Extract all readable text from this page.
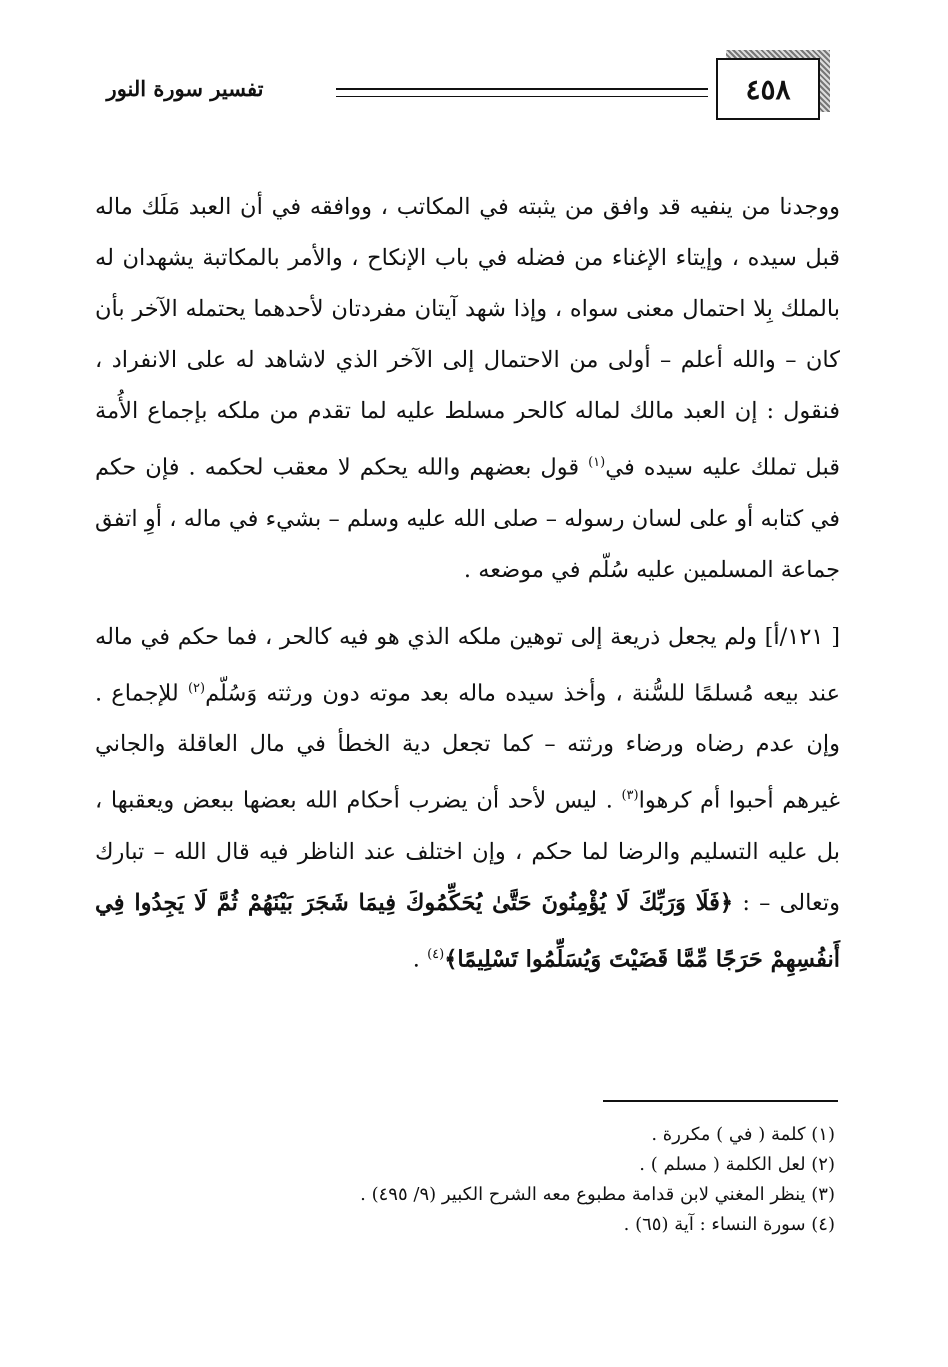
٤٥٨
تفسير سورة النور

ووجدنا من ينفيه قد وافق من يثبته في المكاتب ، ووافقه في أن العبد مَلَك ماله قبل سيده ، وإيتاء الإغناء من فضله في باب الإنكاح ، والأمر بالمكاتبة يشهدان له بالملك بِلا احتمال معنى سواه ، وإذا شهد آيتان مفردتان لأحدهما يحتمله الآخر بأن كان – والله أعلم – أولى من الاحتمال إلى الآخر الذي لاشاهد له على الانفراد ، فنقول : إن العبد مالك لماله كالحر مسلط عليه لما تقدم من ملكه بإجماع الأُمة قبل تملك عليه سيده في$^{(١)}$ قول بعضهم والله يحكم لا معقب لحكمه . فإن حكم في كتابه أو على لسان رسوله – صلى الله عليه وسلم – بشيء في ماله ، أوِ اتفق جماعة المسلمين عليه سُلّم في موضعه .

[ ١٢١/أ] ولم يجعل ذريعة إلى توهين ملكه الذي هو فيه كالحر ، فما حكم في ماله عند بيعه مُسلمًا للسُّنة ، وأخذ سيده ماله بعد موته دون ورثته وَسُلّم$^{(٢)}$ للإجماع . وإن عدم رضاه ورضاء ورثته – كما تجعل دية الخطأ في مال العاقلة والجاني غيرهم أحبوا أم كرهوا$^{(٣)}$ . ليس لأحد أن يضرب أحكام الله بعضها ببعض ويعقبها ، بل عليه التسليم والرضا لما حكم ، وإن اختلف عند الناظر فيه قال الله – تبارك وتعالى – : ﴿فَلَا وَرَبِّكَ لَا يُؤْمِنُونَ حَتَّىٰ يُحَكِّمُوكَ فِيمَا شَجَرَ بَيْنَهُمْ ثُمَّ لَا يَجِدُوا فِي أَنفُسِهِمْ حَرَجًا مِّمَّا قَضَيْتَ وَيُسَلِّمُوا تَسْلِيمًا﴾$^{(٤)}$ .

(١) كلمة ( في ) مكررة .
(٢) لعل الكلمة ( مسلم ) .
(٣) ينظر المغني لابن قدامة مطبوع معه الشرح الكبير (٩/ ٤٩٥) .
(٤) سورة النساء : آية (٦٥) .
